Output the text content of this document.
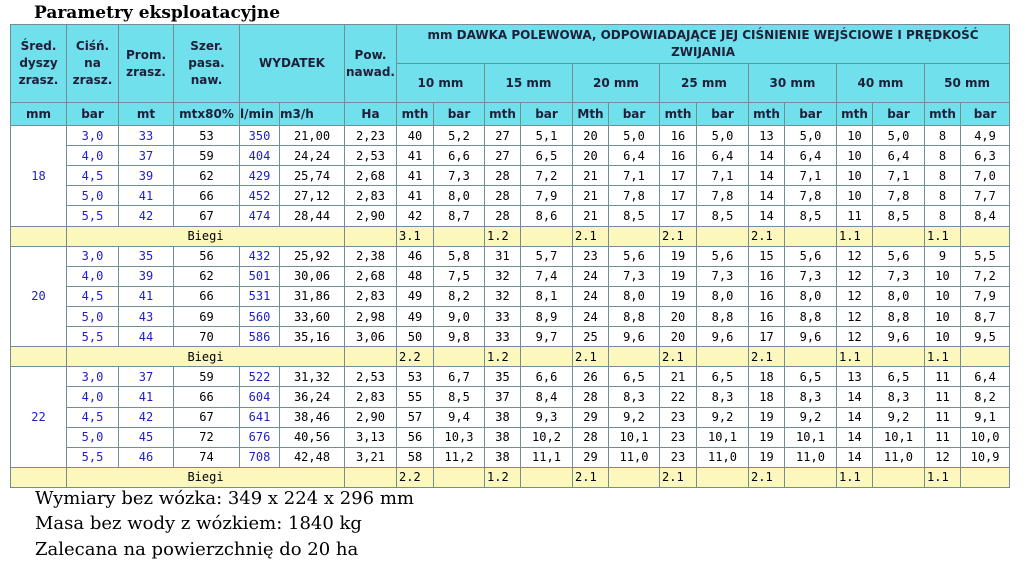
Parametry eksploatacyjne
Śred. dyszy zrasz.	Ciśń. na zrasz.	Prom. zrasz.	Szer. pasa. naw.	WYDATEK		Pow. nawad.	mm DAWKA POLEWOWA, ODPOWIADAJĄCE JEJ CIŚNIENIE WEJŚCIOWE I PRĘDKOŚĆ ZWIJANIA													
							10 mm		15 mm		20 mm		25 mm		30 mm		40 mm		50 mm	
mm	bar	mt	mtx80%	l/min	m3/h	Ha	mth	bar	mth	bar	Mth	bar	mth	bar	mth	bar	mth	bar	mth	bar
18	3,0	33	53	350	21,00	2,23	40	5,2	27	5,1	20	5,0	16	5,0	13	5,0	10	5,0	8	4,9
	4,0	37	59	404	24,24	2,53	41	6,6	27	6,5	20	6,4	16	6,4	14	6,4	10	6,4	8	6,3
	4,5	39	62	429	25,74	2,68	41	7,3	28	7,2	21	7,1	17	7,1	14	7,1	10	7,1	8	7,0
	5,0	41	66	452	27,12	2,83	41	8,0	28	7,9	21	7,8	17	7,8	14	7,8	10	7,8	8	7,7
	5,5	42	67	474	28,44	2,90	42	8,7	28	8,6	21	8,5	17	8,5	14	8,5	11	8,5	8	8,4
	Biegi						3.1		1.2		2.1		2.1		2.1		1.1		1.1	
20	3,0	35	56	432	25,92	2,38	46	5,8	31	5,7	23	5,6	19	5,6	15	5,6	12	5,6	9	5,5
	4,0	39	62	501	30,06	2,68	48	7,5	32	7,4	24	7,3	19	7,3	16	7,3	12	7,3	10	7,2
	4,5	41	66	531	31,86	2,83	49	8,2	32	8,1	24	8,0	19	8,0	16	8,0	12	8,0	10	7,9
	5,0	43	69	560	33,60	2,98	49	9,0	33	8,9	24	8,8	20	8,8	16	8,8	12	8,8	10	8,7
	5,5	44	70	586	35,16	3,06	50	9,8	33	9,7	25	9,6	20	9,6	17	9,6	12	9,6	10	9,5
	Biegi						2.2		1.2		2.1		2.1		2.1		1.1		1.1	
22	3,0	37	59	522	31,32	2,53	53	6,7	35	6,6	26	6,5	21	6,5	18	6,5	13	6,5	11	6,4
	4,0	41	66	604	36,24	2,83	55	8,5	37	8,4	28	8,3	22	8,3	18	8,3	14	8,3	11	8,2
	4,5	42	67	641	38,46	2,90	57	9,4	38	9,3	29	9,2	23	9,2	19	9,2	14	9,2	11	9,1
	5,0	45	72	676	40,56	3,13	56	10,3	38	10,2	28	10,1	23	10,1	19	10,1	14	10,1	11	10,0
	5,5	46	74	708	42,48	3,21	58	11,2	38	11,1	29	11,0	23	11,0	19	11,0	14	11,0	12	10,9
	Biegi						2.2		1.2		2.1		2.1		2.1		1.1		1.1	
Wymiary bez wózka: 349 x 224 x 296 mm
Masa bez wody z wózkiem: 1840 kg
Zalecana na powierzchnię do 20 ha
